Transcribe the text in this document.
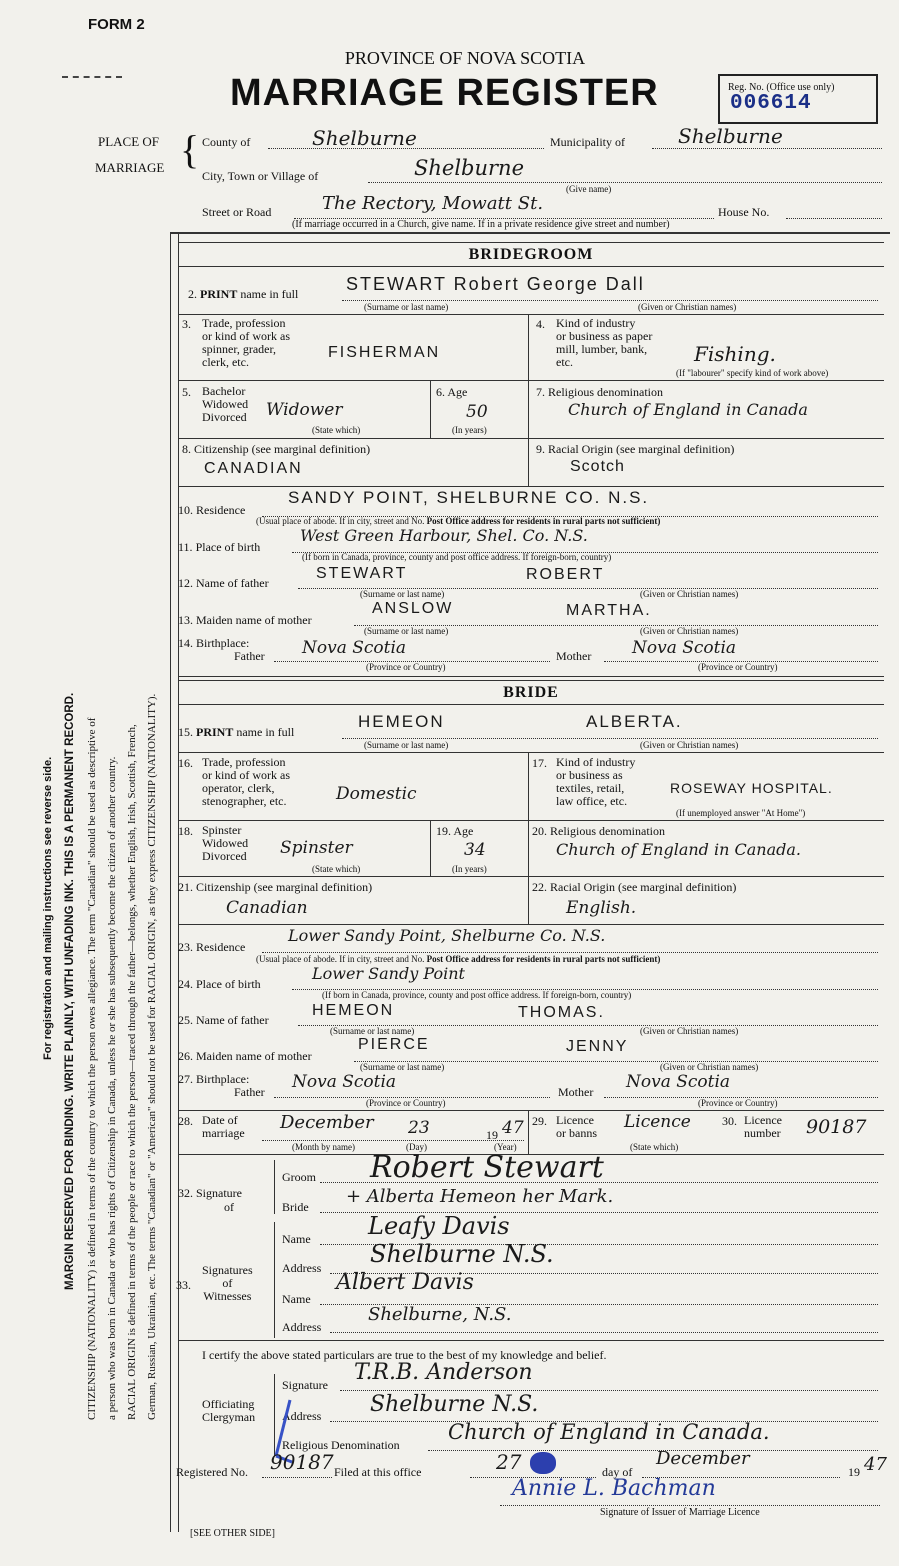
FORM 2
PROVINCE OF NOVA SCOTIA
MARRIAGE REGISTER	Reg. No. (Office use only)
006614
PLACE OF
MARRIAGE { County of	Shelburne	Municipality of	Shelburne
City, Town or Village of	Shelburne
(Give name)
Street or Road	The Rectory, Mowatt St.	House No.
(If marriage occurred in a Church, give name. If in a private residence give street and number)
For registration and mailing instructions see reverse side. MARGIN RESERVED FOR BINDING. WRITE PLAINLY, WITH UNFADING INK. THIS IS A PERMANENT RECORD. CITIZENSHIP (NATIONALITY) is defined in terms of the country to which the person owes allegiance. The term "Canadian" should be used as descriptive of a person who was born in Canada or who has rights of Citizenship in Canada, unless he or she has subsequently become the citizen of another country. RACIAL ORIGIN is defined in terms of the people or race to which the person—traced through the father—belongs, whether English, Irish, Scottish, French, German, Russian, Ukrainian, etc. The terms "Canadian" or "American" should not be used for RACIAL ORIGIN, as they express CITIZENSHIP (NATIONALITY).
BRIDEGROOM
2. PRINT name in full	STEWART Robert George Dall
(Surname or last name)	(Given or Christian names)
3. Trade, profession
or kind of work as
spinner, grader,
clerk, etc.
FISHERMAN
4. Kind of industry
or business as paper
mill, lumber, bank,
etc.	Fishing.
(If "labourer" specify kind of work above)
5. Bachelor
Widowed
Divorced Widower
(State which)
6. Age
50
(In years)
7. Religious denomination
Church of England in Canada
8. Citizenship (see marginal definition)
CANADIAN
9. Racial Origin (see marginal definition)
Scotch
10. Residence
SANDY POINT, SHELBURNE CO. N.S.
(Usual place of abode. If in city, street and No. Post Office address for residents in rural parts not sufficient)
11. Place of birth
West Green Harbour, Shel. Co. N.S.
(If born in Canada, province, county and post office address. If foreign-born, country)
12. Name of father
STEWART	ROBERT
(Surname or last name)	(Given or Christian names)
13. Maiden name of mother
ANSLOW	MARTHA.
(Surname or last name)	(Given or Christian names)
14. Birthplace:
Father Nova Scotia	Mother Nova Scotia
(Province or Country)	(Province or Country)
BRIDE
15. PRINT name in full
HEMEON	ALBERTA.
(Surname or last name)	(Given or Christian names)
16. Trade, profession
or kind of work as
operator, clerk,
stenographer, etc.	Domestic
17. Kind of industry
or business as
textiles, retail,
law office, etc.
ROSEWAY HOSPITAL.
(If unemployed answer "At Home")
18. Spinster
Widowed
Divorced Spinster
(State which)
19. Age
34
(In years)
20. Religious denomination
Church of England in Canada.
21. Citizenship (see marginal definition)
Canadian
22. Racial Origin (see marginal definition)
English.
23. Residence
Lower Sandy Point, Shelburne Co. N.S.
(Usual place of abode. If in city, street and No. Post Office address for residents in rural parts not sufficient)
24. Place of birth
Lower Sandy Point
(If born in Canada, province, county and post office address. If foreign-born, country)
25. Name of father
HEMEON	THOMAS.
(Surname or last name)	(Given or Christian names)
26. Maiden name of mother
PIERCE	JENNY
(Surname or last name)	(Given or Christian names)
27. Birthplace:
Father Nova Scotia	Mother Nova Scotia
(Province or Country)	(Province or Country)
28. Date of
marriage December 23	19 47
(Month by name)	(Day)	(Year)
29. Licence
or banns
Licence
(State which)
30. Licence
number 90187
32. Signature
of
Groom Robert Stewart
Bride + Alberta Hemeon her Mark.
Signatures
of
Witnesses
33.
Name Leafy Davis
Address Shelburne N.S.
Name
Albert Davis
Address
Shelburne, N.S.
I certify the above stated particulars are true to the best of my knowledge and belief.
Officiating
Clergyman
Signature T.R.B. Anderson
Address Shelburne N.S.
Religious Denomination
Church of England in Canada.
Registered No. 90187 Filed at this office	27	day of
December
19 47
Annie L. Bachman
Signature of Issuer of Marriage Licence
[SEE OTHER SIDE]
